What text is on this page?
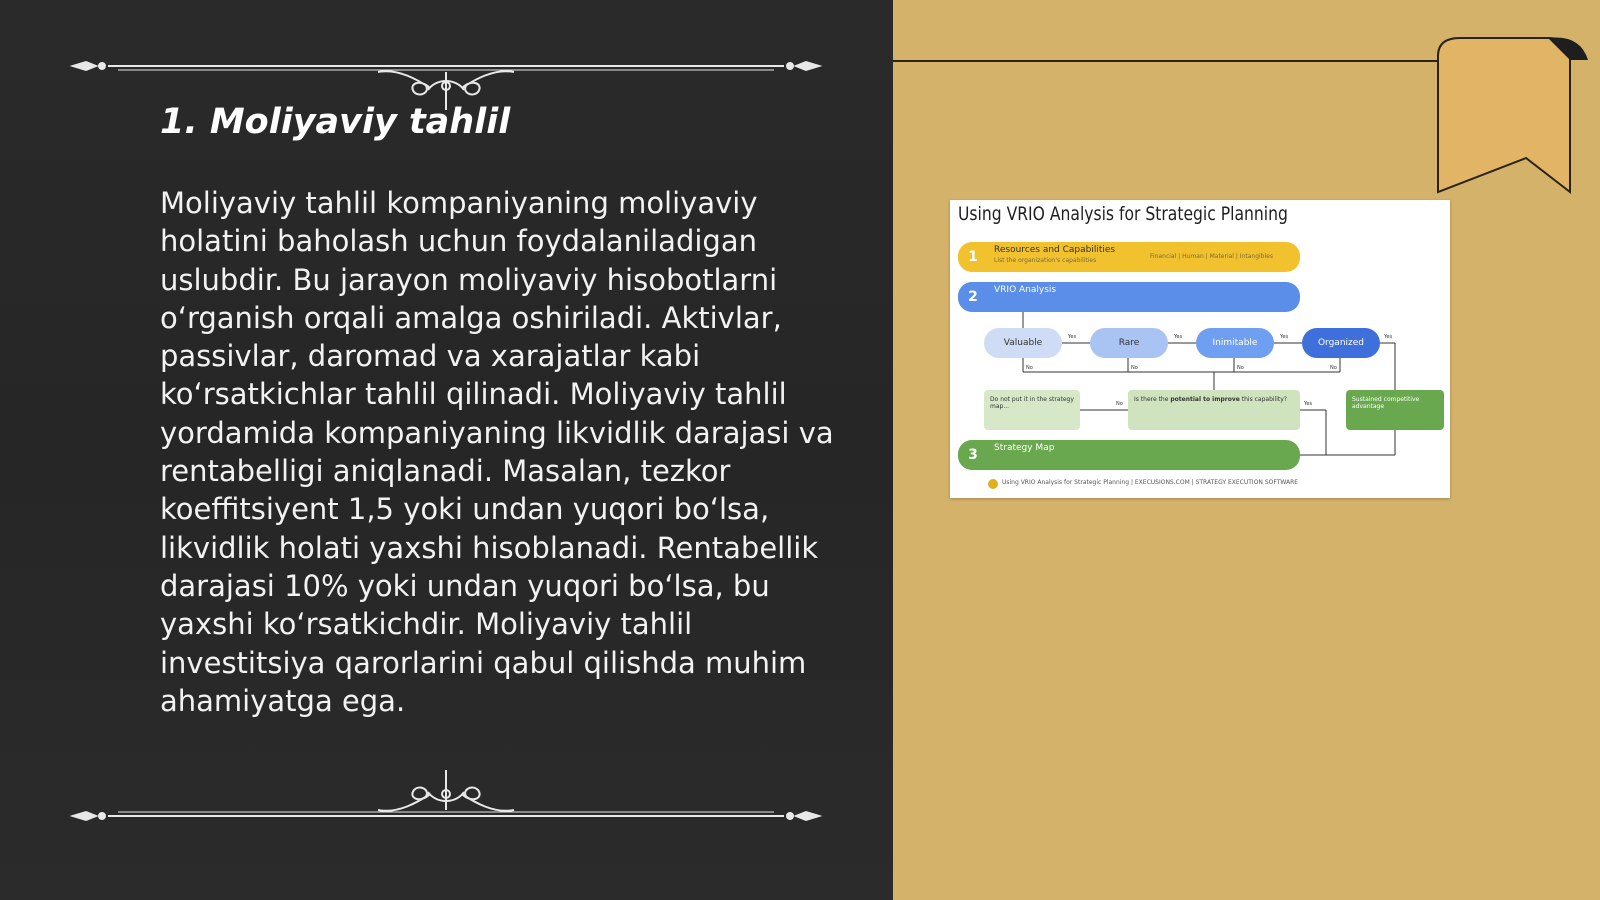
1. Moliyaviy tahlil

Moliyaviy tahlil kompaniyaning moliyaviy holatini baholash uchun foydalaniladigan uslubdir. Bu jarayon moliyaviy hisobotlarni o‘rganish orqali amalga oshiriladi. Aktivlar, passivlar, daromad va xarajatlar kabi ko‘rsatkichlar tahlil qilinadi. Moliyaviy tahlil yordamida kompaniyaning likvidlik darajasi va rentabelligi aniqlanadi. Masalan, tezkor koeffitsiyent 1,5 yoki undan yuqori bo‘lsa, likvidlik holati yaxshi hisoblanadi. Rentabellik darajasi 10% yoki undan yuqori bo‘lsa, bu yaxshi ko‘rsatkichdir. Moliyaviy tahlil investitsiya qarorlarini qabul qilishda muhim ahamiyatga ega.

Using VRIO Analysis for Strategic Planning
1	Resources and Capabilities
List the organization's capabilities
Financial | Human | Material | Intangibles
2	VRIO Analysis
Valuable	Rare	Inimitable	Organized
Do not put it in the strategy map...
Is there the potential to improve this capability?	Sustained competitive advantage
3	Strategy Map
Yes	Yes	Yes	Yes
Yes
No	No	No	No
No
Using VRIO Analysis for Strategic Planning | EXECUSIONS.COM | STRATEGY EXECUTION SOFTWARE
